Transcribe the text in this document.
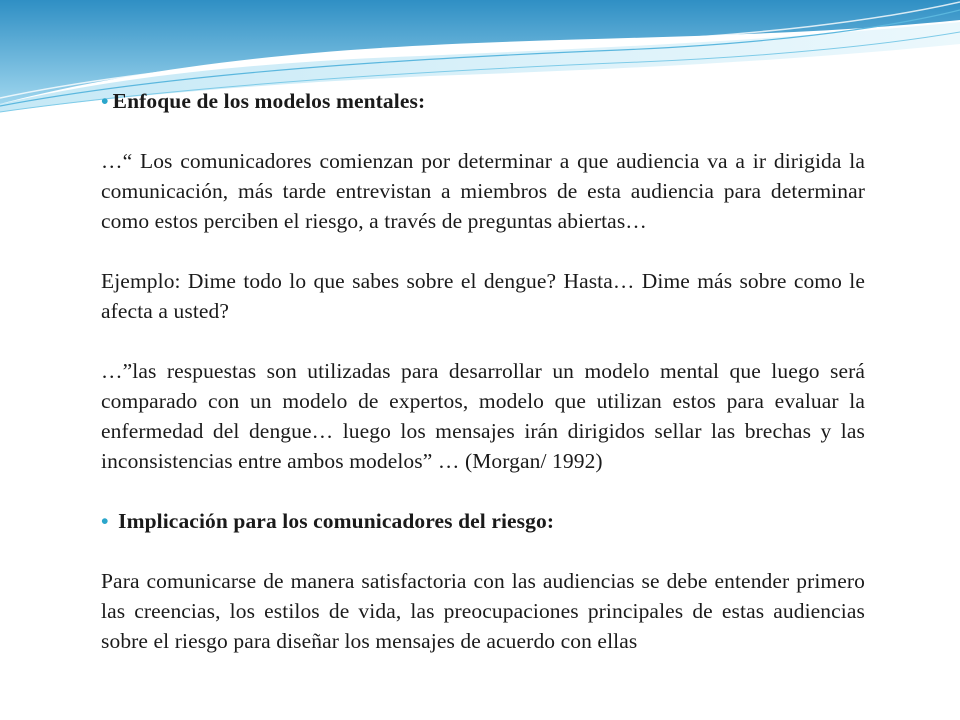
• Enfoque de los modelos mentales:

…“ Los comunicadores comienzan por determinar a que audiencia va a ir dirigida la comunicación, más tarde entrevistan a miembros de esta audiencia para determinar como estos perciben el riesgo, a través de preguntas abiertas…

Ejemplo: Dime todo lo que sabes sobre el dengue? Hasta… Dime más sobre como le afecta a usted?

…”las respuestas son utilizadas para desarrollar un modelo mental que luego será comparado con un modelo de expertos, modelo que utilizan estos para evaluar la enfermedad del dengue… luego los mensajes irán dirigidos sellar las brechas y las inconsistencias entre ambos modelos” … (Morgan/ 1992)

• Implicación para los comunicadores del riesgo:

Para comunicarse de manera satisfactoria con las audiencias se debe entender primero las creencias, los estilos de vida, las preocupaciones principales de estas audiencias sobre el riesgo para diseñar los mensajes de acuerdo con ellas
